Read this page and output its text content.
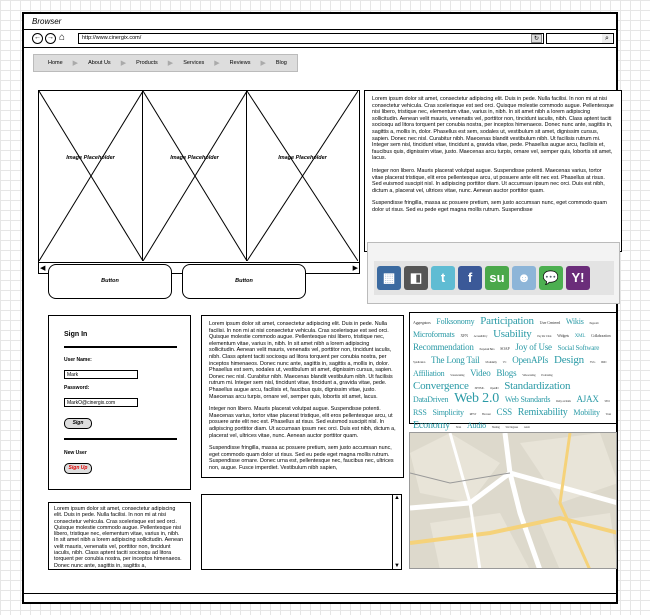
Browser
← → ⌂	http://www.cinergix.com/	↻	⌕
Home ▶ About Us ▶ Products ▶ Services ▶ Reviews ▶ Blog
Image Placeholder	Image Placeholder	Image Placeholder
◀	▶

Lorem ipsum dolor sit amet, consectetur adipiscing elit. Duis in pede. Nulla facilisi. In non mi at nisi consectetur vehicula. Cras scelerisque est sed orci. Quisque molestie commodo augue. Pellentesque nisi libero, tristique nec, elementum vitae, varius in, nibh. In sit amet nibh a lorem adipiscing sollicitudin. Aenean velit mauris, venenatis vel, porttitor non, tincidunt iaculis, nibh. Class aptent taciti sociosqu ad litora torquent per conubia nostra, per inceptos himenaeos. Donec nunc ante, sagittis in, sagittis a, mollis in, dolor. Phasellus est sem, sodales ut, vestibulum sit amet, dignissim cursus, sapien. Donec nec nisl. Curabitur nibh. Maecenas blandit vestibulum nibh. Ut facilisis rutrum mi. Integer sem nisl, tincidunt vitae, tincidunt a, gravida vitae, pede. Phasellus augue arcu, facilisis et, faucibus quis, dignissim vitae, justo. Maecenas arcu turpis, ornare vel, semper quis, lobortis sit amet, lacus.

Integer non libero. Mauris placerat volutpat augue. Suspendisse potenti. Maecenas varius, tortor vitae placerat tristique, elit eros pellentesque arcu, ut posuere ante elit nec est. Phasellus at risus. Sed euismod suscipit nisl. In adipiscing porttitor diam. Ut accumsan ipsum nec orci. Duis est nibh, dictum a, placerat vel, ultrices vitae, nunc. Aenean auctor porttitor quam.

Suspendisse fringilla, massa ac posuere pretium, sem justo accumsan nunc, eget commodo quam dolor ut risus. Sed eu pede eget magna mollis rutrum. Suspendisse

▦	◧	t	f	su ☻ 💬 Y!
Button	Button
Sign In
User Name:
Mark
Password:
MarkO@cinergix.com
Sign
New User
Sign Up

Lorem ipsum dolor sit amet, consectetur adipiscing elit. Duis in pede. Nulla facilisi. In non mi at nisi consectetur vehicula. Cras scelerisque est sed orci. Quisque molestie commodo augue. Pellentesque nisi libero, tristique nec, elementum vitae, varius in, nibh. In sit amet nibh a lorem adipiscing sollicitudin. Aenean velit mauris, venenatis vel, porttitor non, tincidunt iaculis, nibh. Class aptent taciti sociosqu ad litora torquent per conubia nostra, per inceptos himenaeos. Donec nunc ante, sagittis in, sagittis a, mollis in, dolor. Phasellus est sem, sodales ut, vestibulum sit amet, dignissim cursus, sapien. Donec nec nisl. Curabitur nibh. Maecenas blandit vestibulum nibh. Ut facilisis rutrum mi. Integer sem nisl, tincidunt vitae, tincidunt a, gravida vitae, pede. Phasellus augue arcu, facilisis et, faucibus quis, dignissim vitae, justo. Maecenas arcu turpis, ornare vel, semper quis, lobortis sit amet, lacus.

Integer non libero. Mauris placerat volutpat augue. Suspendisse potenti. Maecenas varius, tortor vitae placerat tristique, elit eros pellentesque arcu, ut posuere ante elit nec est. Phasellus at risus. Sed euismod suscipit nisl. In adipiscing porttitor diam. Ut accumsan ipsum nec orci. Duis est nibh, dictum a, placerat vel, ultrices vitae, nunc. Aenean auctor porttitor quam.

Suspendisse fringilla, massa ac posuere pretium, sem justo accumsan nunc, eget commodo quam dolor ut risus. Sed eu pede eget magna mollis rutrum. Suspendisse ornare. Donec urna est, pellentesque nec, faucibus nec, ultrices non, augue. Fusce imperdiet. Vestibulum nibh sapien,

Aggregators Folksonomy Participation User Centered Wikis Pageonlt Microformats XFN Accessibili ty Usability Pay Per Click Widgets XML Collaboration Recommendation Perpetual Beta SOAP Joy of Use Social Software Syndication The Long Tail Modularity VC OpenAPIs Design SVG IMD Affiliation Screencasting Video Blogs Videocasting Podcasting Convergence XHTML OpenID Standardization DataDriven Web 2.0 Web Standards Ruby on Rails AJAX SEO RSS Simplicity REST Browser CSS Remixability Mobility Trust Economy SOA Audio Sharing Six Degrees Atom
Lorem ipsum dolor sit amet, consectetur adipiscing elit. Duis in pede. Nulla facilisi. In non mi at nisi consectetur vehicula. Cras scelerisque est sed orci. Quisque molestie commodo augue. Pellentesque nisi libero, tristique nec, elementum vitae, varius in, nibh. In sit amet nibh a lorem adipiscing sollicitudin. Aenean velit mauris, venenatis vel, porttitor non, tincidunt iaculis, nibh. Class aptent taciti sociosqu ad litora torquent per conubia nostra, per inceptos himenaeos. Donec nunc ante, sagittis in, sagittis a,
▲
▼
